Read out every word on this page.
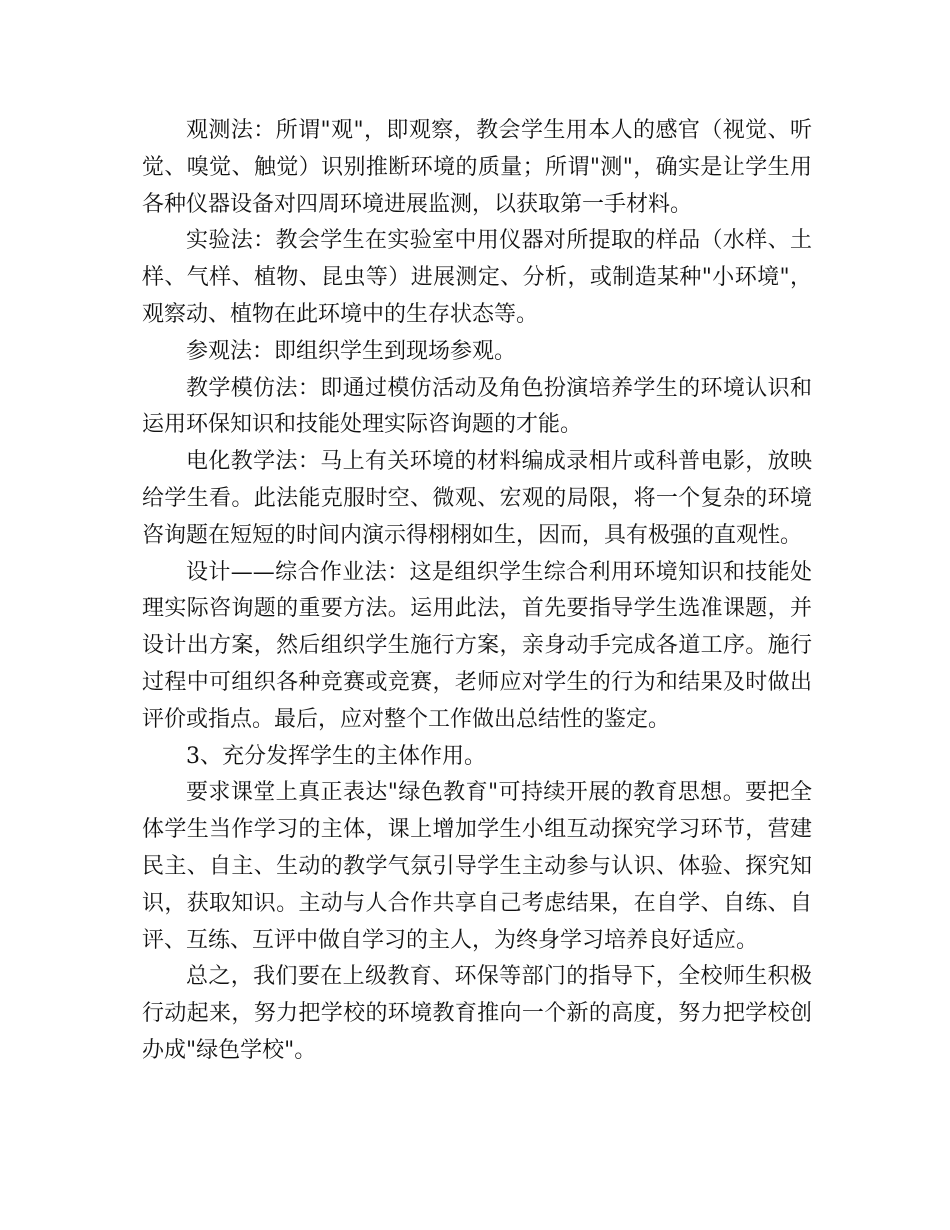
观测法：所谓"观"，即观察，教会学生用本人的感官（视觉、听觉、嗅觉、触觉）识别推断环境的质量；所谓"测"，确实是让学生用各种仪器设备对四周环境进展监测，以获取第一手材料。

实验法：教会学生在实验室中用仪器对所提取的样品（水样、土样、气样、植物、昆虫等）进展测定、分析，或制造某种"小环境"，观察动、植物在此环境中的生存状态等。

参观法：即组织学生到现场参观。

教学模仿法：即通过模仿活动及角色扮演培养学生的环境认识和运用环保知识和技能处理实际咨询题的才能。

电化教学法：马上有关环境的材料编成录相片或科普电影，放映给学生看。此法能克服时空、微观、宏观的局限，将一个复杂的环境咨询题在短短的时间内演示得栩栩如生，因而，具有极强的直观性。

设计——综合作业法：这是组织学生综合利用环境知识和技能处理实际咨询题的重要方法。运用此法，首先要指导学生选准课题，并设计出方案，然后组织学生施行方案，亲身动手完成各道工序。施行过程中可组织各种竞赛或竞赛，老师应对学生的行为和结果及时做出评价或指点。最后，应对整个工作做出总结性的鉴定。

3、充分发挥学生的主体作用。

要求课堂上真正表达"绿色教育"可持续开展的教育思想。要把全体学生当作学习的主体，课上增加学生小组互动探究学习环节，营建民主、自主、生动的教学气氛引导学生主动参与认识、体验、探究知识，获取知识。主动与人合作共享自己考虑结果，在自学、自练、自评、互练、互评中做自学习的主人，为终身学习培养良好适应。

总之，我们要在上级教育、环保等部门的指导下，全校师生积极行动起来，努力把学校的环境教育推向一个新的高度，努力把学校创办成"绿色学校"。
